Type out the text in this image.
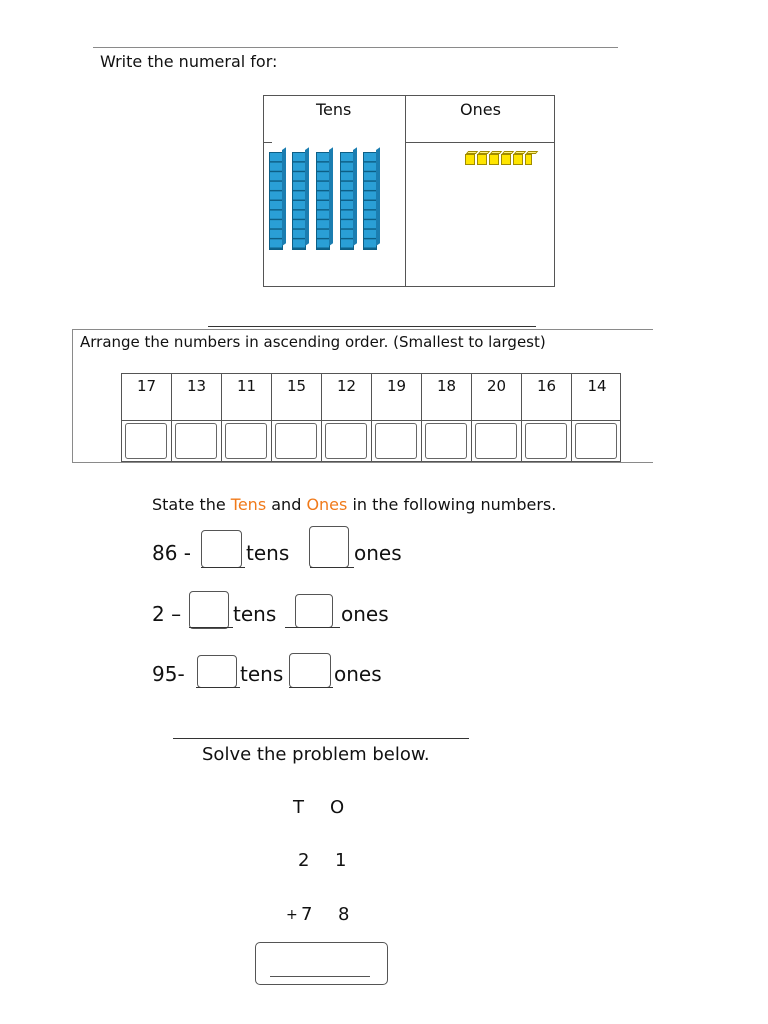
Write the numeral for:
Tens	Ones
Arrange the numbers in ascending order. (Smallest to largest)
17	13	11	15	12	19	18	20	16	14
State the Tens and Ones in the following numbers.
86 -	tens	ones
2 –	tens	ones
95-	tens	ones
Solve the problem below.
T O
2 1
+ 7 8
